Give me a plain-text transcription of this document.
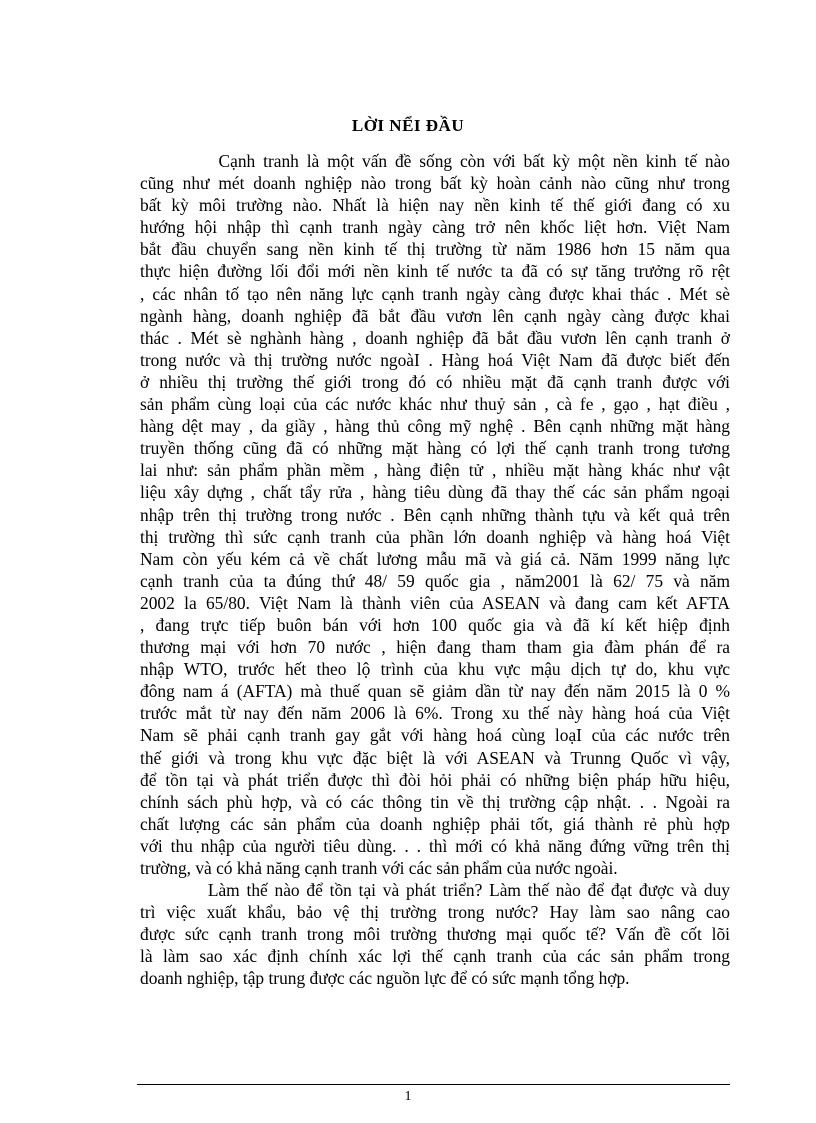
LỜI NỂI ĐẦU
Cạnh tranh là một vấn đề sống còn với bất kỳ một nền kinh tế nào
cũng như mét doanh nghiệp nào trong bất kỳ hoàn cảnh nào cũng như trong
bất kỳ môi trường nào. Nhất là hiện nay nền kinh tế thế giới đang có xu
hướng hội nhập thì cạnh tranh ngày càng trở nên khốc liệt hơn. Việt Nam
bắt đầu chuyển sang nền kinh tế thị trường từ năm 1986 hơn 15 năm qua
thực hiện đường lối đổi mới nền kinh tế nước ta đã có sự tăng trưởng rõ rệt
, các nhân tố tạo nên năng lực cạnh tranh ngày càng được khai thác . Mét sè
ngành hàng, doanh nghiệp đã bắt đầu vươn lên cạnh ngày càng được khai
thác . Mét sè nghành hàng , doanh nghiệp đã bắt đầu vươn lên cạnh tranh ở
trong nước và thị trường nước ngoàI . Hàng hoá Việt Nam đã được biết đến
ở nhiều thị trường thế giới trong đó có nhiều mặt đã cạnh tranh được với
sản phẩm cùng loại của các nước khác như thuỷ sản , cà fe , gạo , hạt điều ,
hàng dệt may , da giầy , hàng thủ công mỹ nghệ . Bên cạnh những mặt hàng
truyền thống cũng đã có những mặt hàng có lợi thế cạnh tranh trong tương
lai như: sản phẩm phần mềm , hàng điện tử , nhiều mặt hàng khác như vật
liệu xây dựng , chất tẩy rửa , hàng tiêu dùng đã thay thế các sản phẩm ngoại
nhập trên thị trường trong nước . Bên cạnh những thành tựu và kết quả trên
thị trường thì sức cạnh tranh của phần lớn doanh nghiệp và hàng hoá Việt
Nam còn yếu kém cả về chất lương mẫu mã và giá cả. Năm 1999 năng lực
cạnh tranh của ta đúng thứ 48/ 59 quốc gia , năm2001 là 62/ 75 và năm
2002 la 65/80. Việt Nam là thành viên của ASEAN và đang cam kết AFTA
, đang trực tiếp buôn bán với hơn 100 quốc gia và đã kí kết hiệp định
thương mại với hơn 70 nước , hiện đang tham tham gia đàm phán để ra
nhập WTO, trước hết theo lộ trình của khu vực mậu dịch tự do, khu vực
đông nam á (AFTA) mà thuế quan sẽ giảm dần từ nay đến năm 2015 là 0 %
trước mắt từ nay đến năm 2006 là 6%. Trong xu thế này hàng hoá của Việt
Nam sẽ phải cạnh tranh gay gắt với hàng hoá cùng loạI của các nước trên
thế giới và trong khu vực đặc biệt là với ASEAN và Trunng Quốc vì vậy,
để tồn tại và phát triển được thì đòi hỏi phải có những biện pháp hữu hiệu,
chính sách phù hợp, và có các thông tin về thị trường cập nhật. . . Ngoài ra
chất lượng các sản phẩm của doanh nghiệp phải tốt, giá thành rẻ phù hợp
với thu nhập của người tiêu dùng. . . thì mới có khả năng đứng vững trên thị
trường, và có khả năng cạnh tranh với các sản phẩm của nước ngoài.
Làm thế nào để tồn tại và phát triển? Làm thế nào để đạt được và duy
trì việc xuất khẩu, bảo vệ thị trường trong nước? Hay làm sao nâng cao
được sức cạnh tranh trong môi trường thương mại quốc tế? Vấn đề cốt lõi
là làm sao xác định chính xác lợi thế cạnh tranh của các sản phẩm trong
doanh nghiệp, tập trung được các nguồn lực để có sức mạnh tổng hợp.
1
